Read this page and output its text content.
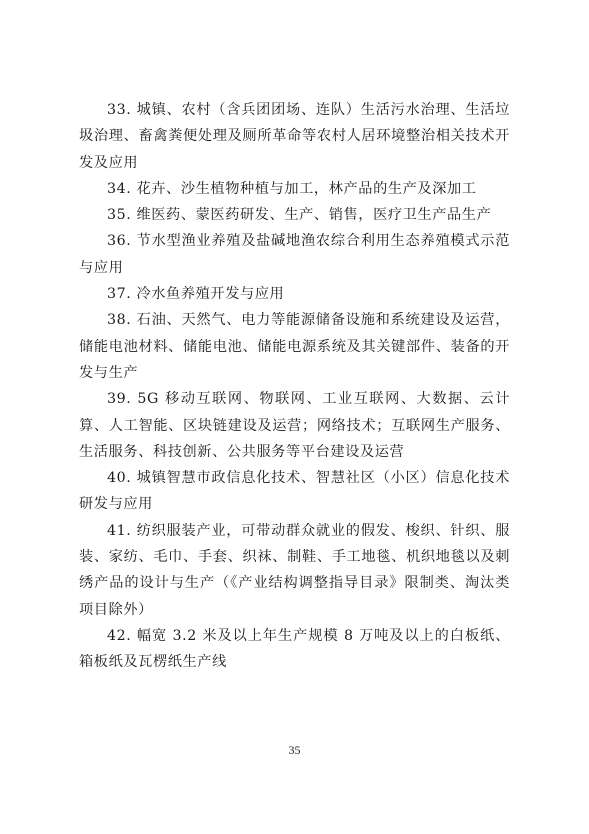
33. 城镇、农村（含兵团团场、连队）生活污水治理、生活垃圾治理、畜禽粪便处理及厕所革命等农村人居环境整治相关技术开发及应用

34. 花卉、沙生植物种植与加工，林产品的生产及深加工

35. 维医药、蒙医药研发、生产、销售，医疗卫生产品生产

36. 节水型渔业养殖及盐碱地渔农综合利用生态养殖模式示范与应用

37. 冷水鱼养殖开发与应用

38. 石油、天然气、电力等能源储备设施和系统建设及运营，储能电池材料、储能电池、储能电源系统及其关键部件、装备的开发与生产

39. 5G 移动互联网、物联网、工业互联网、大数据、云计算、人工智能、区块链建设及运营；网络技术；互联网生产服务、生活服务、科技创新、公共服务等平台建设及运营

40. 城镇智慧市政信息化技术、智慧社区（小区）信息化技术研发与应用

41. 纺织服装产业，可带动群众就业的假发、梭织、针织、服装、家纺、毛巾、手套、织袜、制鞋、手工地毯、机织地毯以及刺绣产品的设计与生产（《产业结构调整指导目录》限制类、淘汰类项目除外）

42. 幅宽 3.2 米及以上年生产规模 8 万吨及以上的白板纸、箱板纸及瓦楞纸生产线

35
